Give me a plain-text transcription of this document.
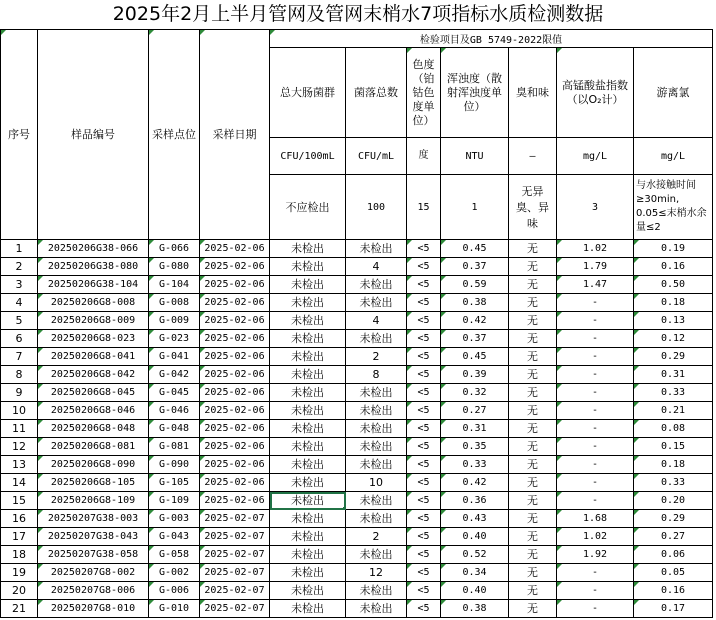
2025年2月上半月管网及管网末梢水7项指标水质检测数据
序号	样品编号	采样点位	采样日期	检验项目及GB 5749-2022限值						
				总大肠菌群	菌落总数	色度（铂钴色度单位）	浑浊度（散射浑浊度单位）	臭和味	高锰酸盐指数（以O₂计）	游离氯
				CFU/100mL	CFU/mL	度	NTU	—	mg/L	mg/L
				不应检出	100	15	1	无异臭、异味	3	与水接触时间≥30min, 0.05≤末梢水余量≤2
1	20250206G38-066	G-066	2025-02-06	未检出	未检出	<5	0.45	无	1.02	0.19
2	20250206G38-080	G-080	2025-02-06	未检出	4	<5	0.37	无	1.79	0.16
3	20250206G38-104	G-104	2025-02-06	未检出	未检出	<5	0.59	无	1.47	0.50
4	20250206G8-008	G-008	2025-02-06	未检出	未检出	<5	0.38	无	-	0.18
5	20250206G8-009	G-009	2025-02-06	未检出	4	<5	0.42	无	-	0.13
6	20250206G8-023	G-023	2025-02-06	未检出	未检出	<5	0.37	无	-	0.12
7	20250206G8-041	G-041	2025-02-06	未检出	2	<5	0.45	无	-	0.29
8	20250206G8-042	G-042	2025-02-06	未检出	8	<5	0.39	无	-	0.31
9	20250206G8-045	G-045	2025-02-06	未检出	未检出	<5	0.32	无	-	0.33
10	20250206G8-046	G-046	2025-02-06	未检出	未检出	<5	0.27	无	-	0.21
11	20250206G8-048	G-048	2025-02-06	未检出	未检出	<5	0.31	无	-	0.08
12	20250206G8-081	G-081	2025-02-06	未检出	未检出	<5	0.35	无	-	0.15
13	20250206G8-090	G-090	2025-02-06	未检出	未检出	<5	0.33	无	-	0.18
14	20250206G8-105	G-105	2025-02-06	未检出	10	<5	0.42	无	-	0.33
15	20250206G8-109	G-109	2025-02-06	未检出	未检出	<5	0.36	无	-	0.20
16	20250207G38-003	G-003	2025-02-07	未检出	未检出	<5	0.43	无	1.68	0.29
17	20250207G38-043	G-043	2025-02-07	未检出	2	<5	0.40	无	1.02	0.27
18	20250207G38-058	G-058	2025-02-07	未检出	未检出	<5	0.52	无	1.92	0.06
19	20250207G8-002	G-002	2025-02-07	未检出	12	<5	0.34	无	-	0.05
20	20250207G8-006	G-006	2025-02-07	未检出	未检出	<5	0.40	无	-	0.16
21	20250207G8-010	G-010	2025-02-07	未检出	未检出	<5	0.38	无	-	0.17
